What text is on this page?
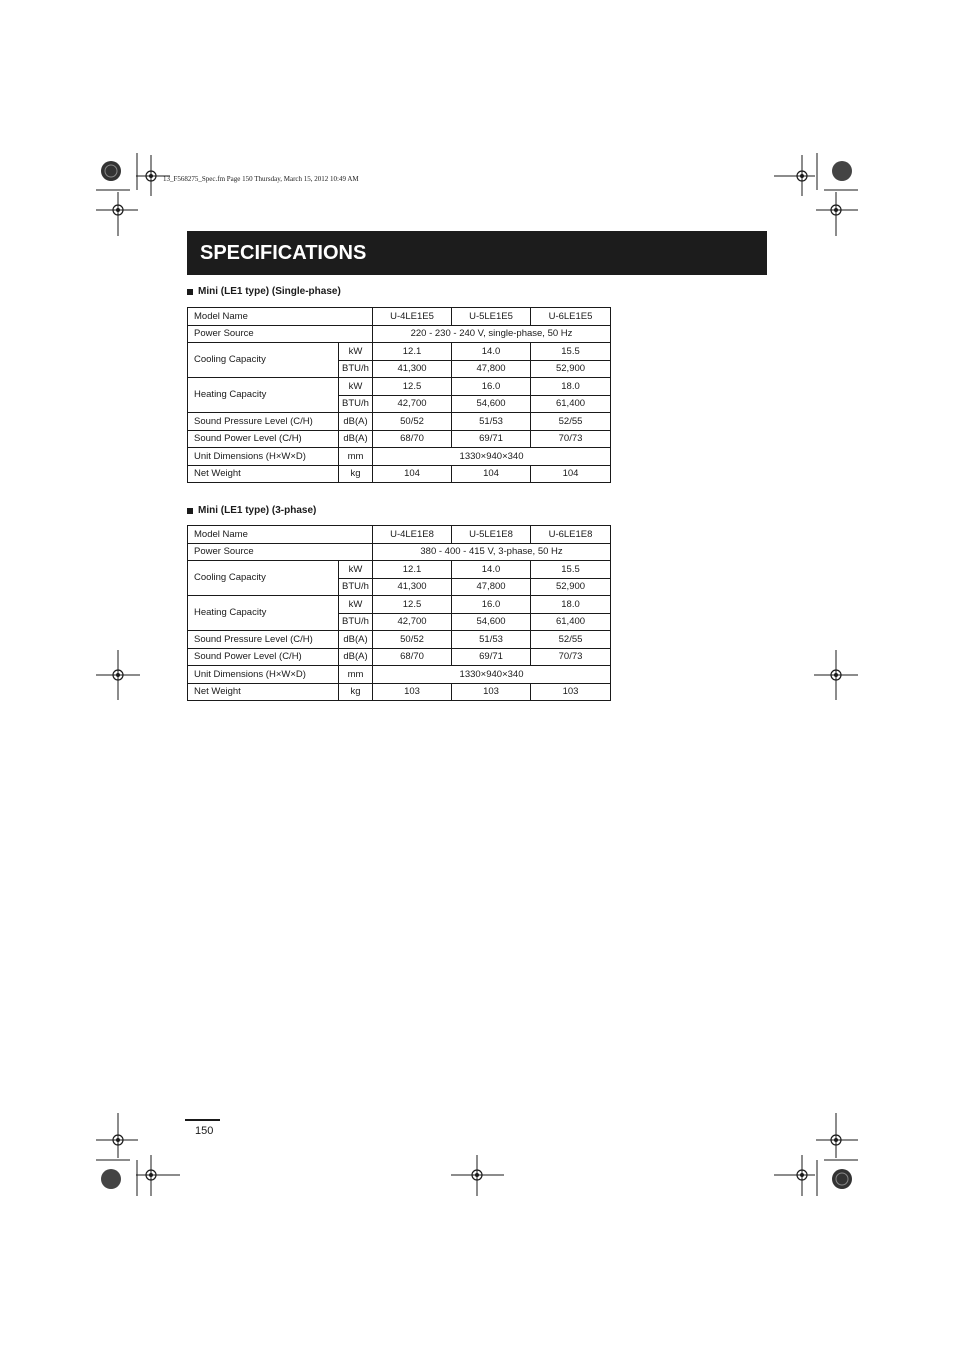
13_F568275_Spec.fm Page 150 Thursday, March 15, 2012 10:49 AM
SPECIFICATIONS
Mini (LE1 type) (Single-phase)
Model Name		U-4LE1E5	U-5LE1E5	U-6LE1E5
Power Source		220 - 230 - 240 V, single-phase, 50 Hz		
Cooling Capacity	kW	12.1	14.0	15.5
	BTU/h	41,300	47,800	52,900
Heating Capacity	kW	12.5	16.0	18.0
	BTU/h	42,700	54,600	61,400
Sound Pressure Level (C/H)	dB(A)	50/52	51/53	52/55
Sound Power Level (C/H)	dB(A)	68/70	69/71	70/73
Unit Dimensions (H×W×D)	mm	1330×940×340		
Net Weight	kg	104	104	104
Mini (LE1 type) (3-phase)
Model Name		U-4LE1E8	U-5LE1E8	U-6LE1E8
Power Source		380 - 400 - 415 V, 3-phase, 50 Hz		
Cooling Capacity	kW	12.1	14.0	15.5
	BTU/h	41,300	47,800	52,900
Heating Capacity	kW	12.5	16.0	18.0
	BTU/h	42,700	54,600	61,400
Sound Pressure Level (C/H)	dB(A)	50/52	51/53	52/55
Sound Power Level (C/H)	dB(A)	68/70	69/71	70/73
Unit Dimensions (H×W×D)	mm	1330×940×340		
Net Weight	kg	103	103	103
150
